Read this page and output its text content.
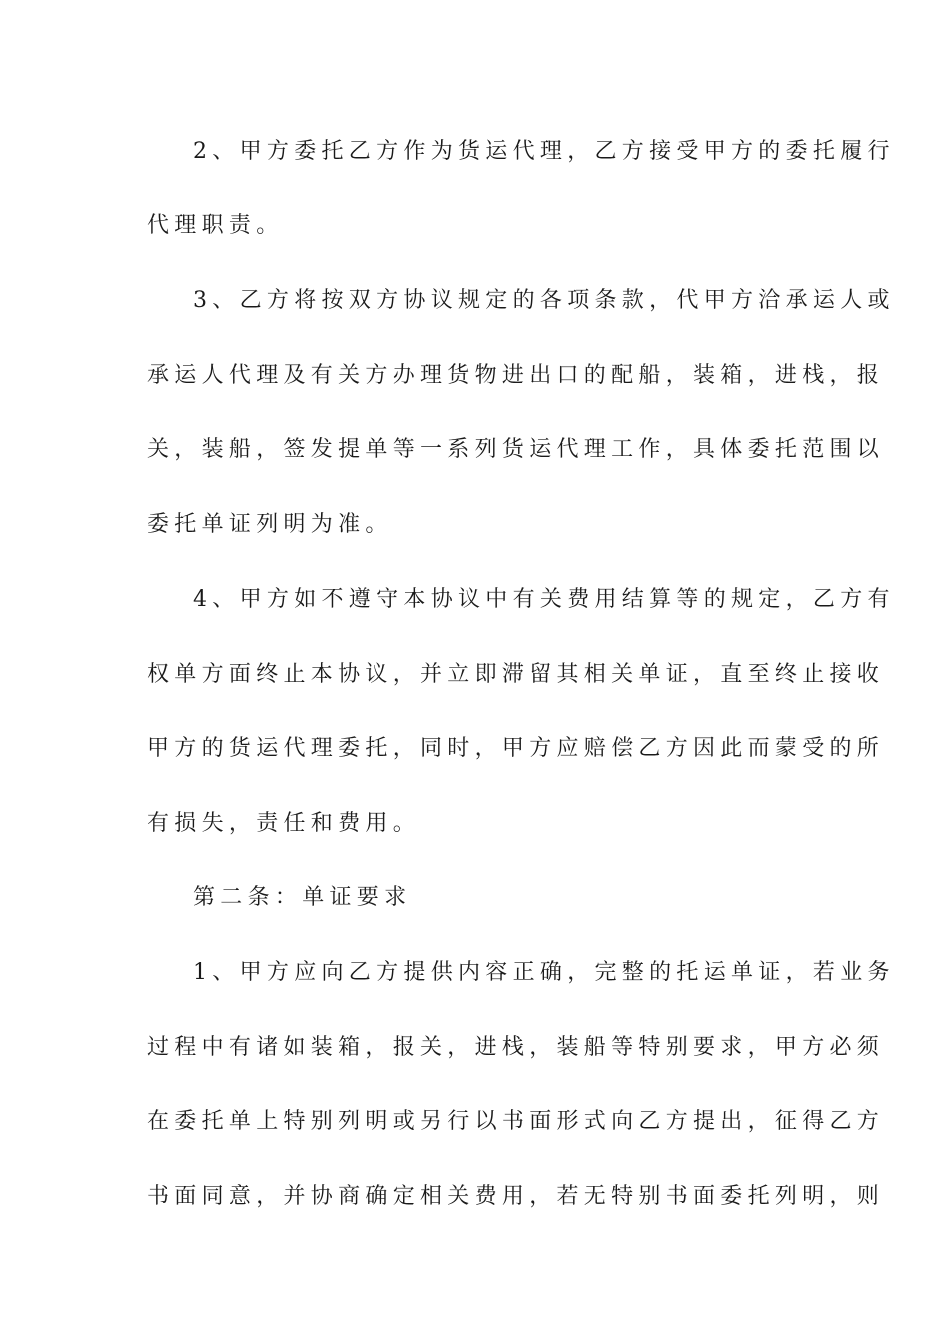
2、甲方委托乙方作为货运代理，乙方接受甲方的委托履行
代理职责。
3、乙方将按双方协议规定的各项条款，代甲方洽承运人或
承运人代理及有关方办理货物进出口的配船，装箱，进栈，报
关，装船，签发提单等一系列货运代理工作，具体委托范围以
委托单证列明为准。
4、甲方如不遵守本协议中有关费用结算等的规定，乙方有
权单方面终止本协议，并立即滞留其相关单证，直至终止接收
甲方的货运代理委托，同时，甲方应赔偿乙方因此而蒙受的所
有损失，责任和费用。
第二条：单证要求
1、甲方应向乙方提供内容正确，完整的托运单证，若业务
过程中有诸如装箱，报关，进栈，装船等特别要求，甲方必须
在委托单上特别列明或另行以书面形式向乙方提出，征得乙方
书面同意，并协商确定相关费用，若无特别书面委托列明，则
